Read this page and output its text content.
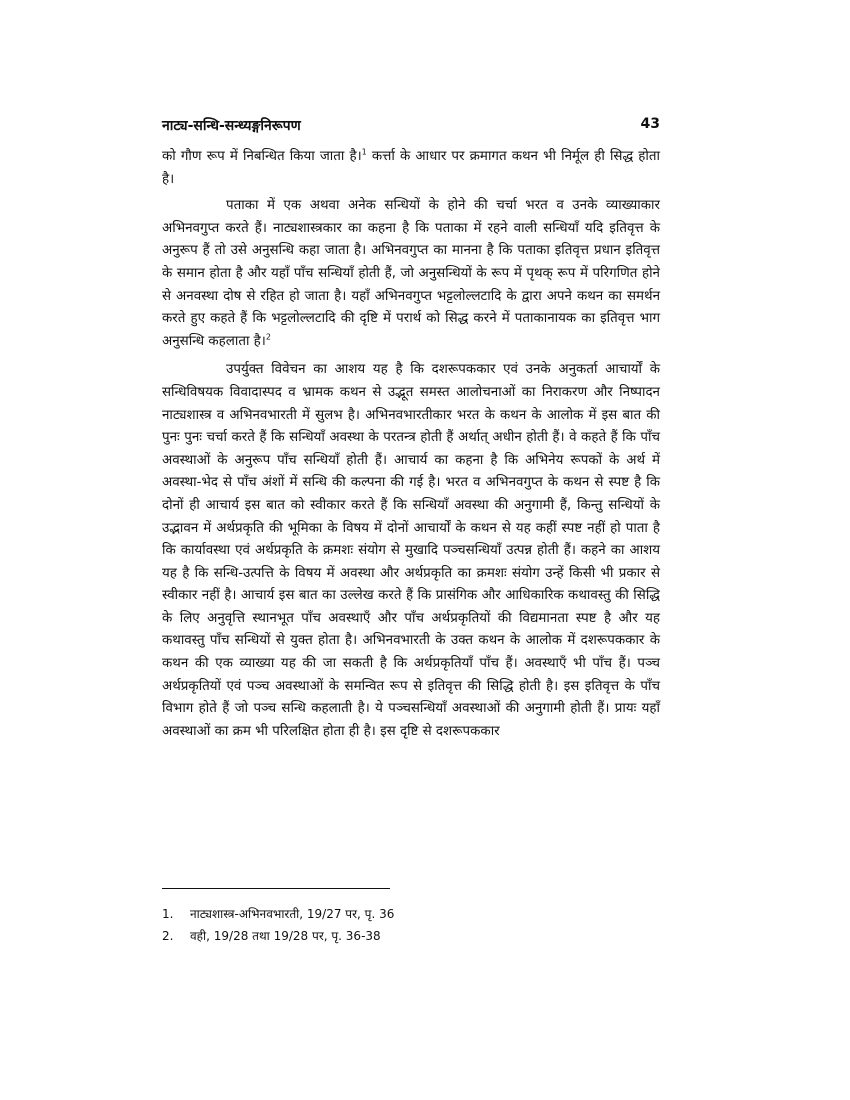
नाट्य-सन्धि-सन्ध्यङ्गनिरूपण	43

को गौण रूप में निबन्धित किया जाता है।$^1$ कर्त्ता के आधार पर क्रमागत कथन भी निर्मूल ही सिद्ध होता है।

पताका में एक अथवा अनेक सन्धियों के होने की चर्चा भरत व उनके व्याख्याकार अभिनवगुप्त करते हैं। नाट्यशास्त्रकार का कहना है कि पताका में रहने वाली सन्धियाँ यदि इतिवृत्त के अनुरूप हैं तो उसे अनुसन्धि कहा जाता है। अभिनवगुप्त का मानना है कि पताका इतिवृत्त प्रधान इतिवृत्त के समान होता है और यहाँ पाँच सन्धियाँ होती हैं, जो अनुसन्धियों के रूप में पृथक् रूप में परिगणित होने से अनवस्था दोष से रहित हो जाता है। यहाँ अभिनवगुप्त भट्टलोल्लटादि के द्वारा अपने कथन का समर्थन करते हुए कहते हैं कि भट्टलोल्लटादि की दृष्टि में परार्थ को सिद्ध करने में पताकानायक का इतिवृत्त भाग अनुसन्धि कहलाता है।$^2$

उपर्युक्त विवेचन का आशय यह है कि दशरूपककार एवं उनके अनुकर्ता आचार्यों के सन्धिविषयक विवादास्पद व भ्रामक कथन से उद्भूत समस्त आलोचनाओं का निराकरण और निष्पादन नाट्यशास्त्र व अभिनवभारती में सुलभ है। अभिनवभारतीकार भरत के कथन के आलोक में इस बात की पुनः पुनः चर्चा करते हैं कि सन्धियाँ अवस्था के परतन्त्र होती हैं अर्थात् अधीन होती हैं। वे कहते हैं कि पाँच अवस्थाओं के अनुरूप पाँच सन्धियाँ होती हैं। आचार्य का कहना है कि अभिनेय रूपकों के अर्थ में अवस्था-भेद से पाँच अंशों में सन्धि की कल्पना की गई है। भरत व अभिनवगुप्त के कथन से स्पष्ट है कि दोनों ही आचार्य इस बात को स्वीकार करते हैं कि सन्धियाँ अवस्था की अनुगामी हैं, किन्तु सन्धियों के उद्भावन में अर्थप्रकृति की भूमिका के विषय में दोनों आचार्यों के कथन से यह कहीं स्पष्ट नहीं हो पाता है कि कार्यावस्था एवं अर्थप्रकृति के क्रमशः संयोग से मुखादि पञ्चसन्धियाँ उत्पन्न होती हैं। कहने का आशय यह है कि सन्धि-उत्पत्ति के विषय में अवस्था और अर्थप्रकृति का क्रमशः संयोग उन्हें किसी भी प्रकार से स्वीकार नहीं है। आचार्य इस बात का उल्लेख करते हैं कि प्रासंगिक और आधिकारिक कथावस्तु की सिद्धि के लिए अनुवृत्ति स्थानभूत पाँच अवस्थाएँ और पाँच अर्थप्रकृतियों की विद्यमानता स्पष्ट है और यह कथावस्तु पाँच सन्धियों से युक्त होता है। अभिनवभारती के उक्त कथन के आलोक में दशरूपककार के कथन की एक व्याख्या यह की जा सकती है कि अर्थप्रकृतियाँ पाँच हैं। अवस्थाएँ भी पाँच हैं। पञ्च अर्थप्रकृतियों एवं पञ्च अवस्थाओं के समन्वित रूप से इतिवृत्त की सिद्धि होती है। इस इतिवृत्त के पाँच विभाग होते हैं जो पञ्च सन्धि कहलाती है। ये पञ्चसन्धियाँ अवस्थाओं की अनुगामी होती हैं। प्रायः यहाँ अवस्थाओं का क्रम भी परिलक्षित होता ही है। इस दृष्टि से दशरूपककार

1. नाट्यशास्त्र-अभिनवभारती, 19/27 पर, पृ. 36
2. वही, 19/28 तथा 19/28 पर, पृ. 36-38
